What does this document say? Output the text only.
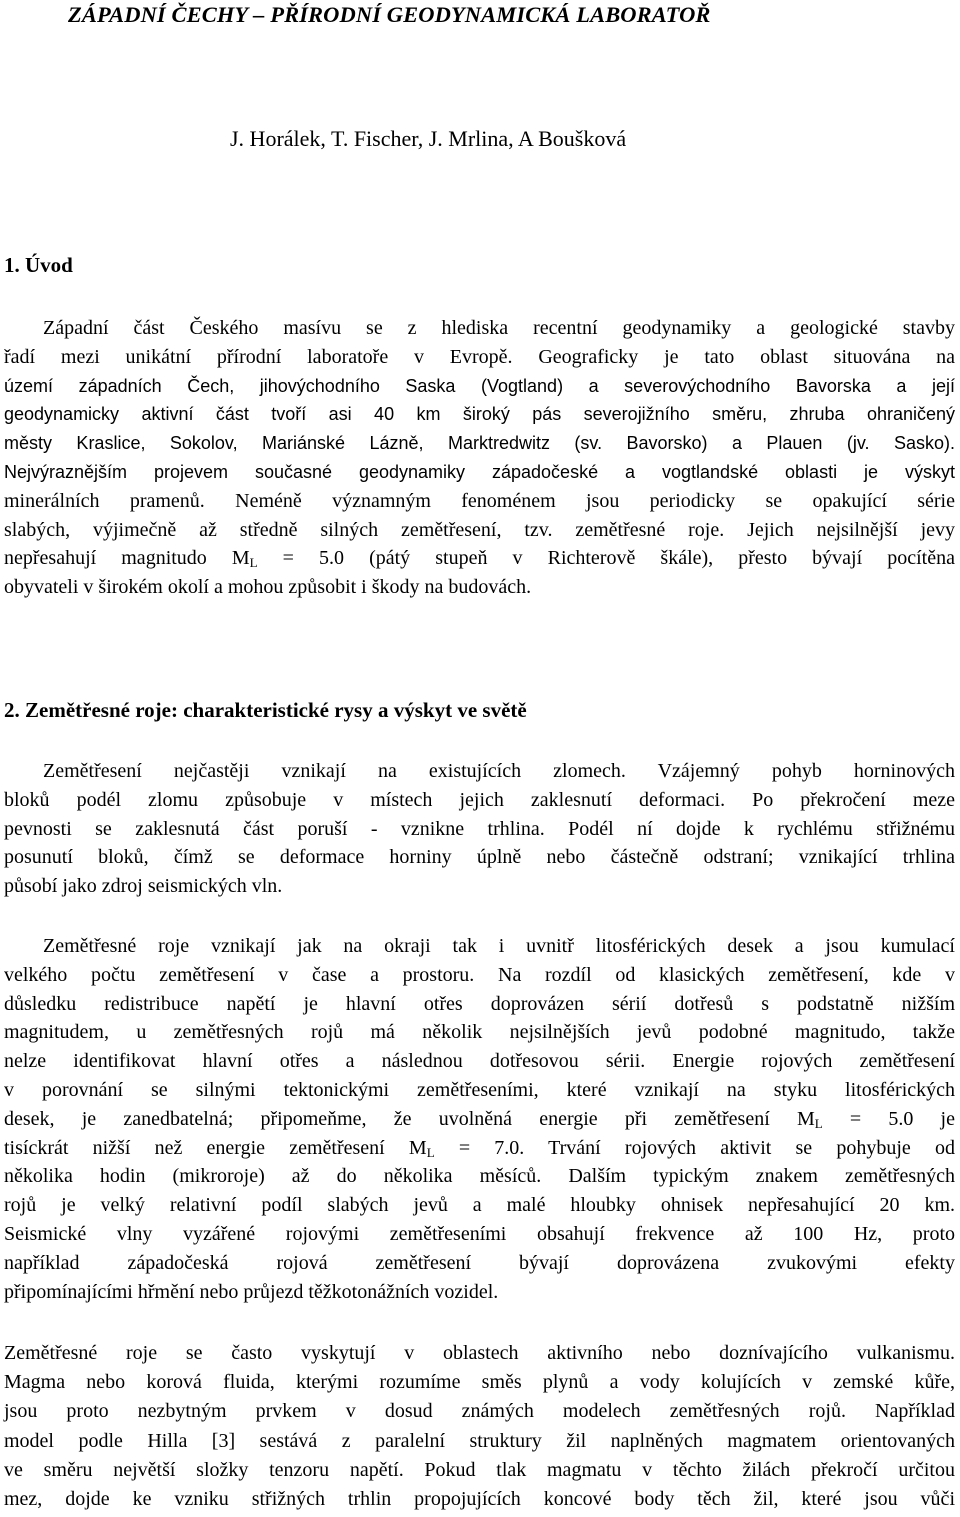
ZÁPADNÍ ČECHY – PŘÍRODNÍ GEODYNAMICKÁ LABORATOŘ
J. Horálek, T. Fischer, J. Mrlina, A Boušková
1. Úvod
Západní část Českého masívu se z hlediska recentní geodynamiky a geologické stavby
řadí mezi unikátní přírodní laboratoře v Evropě. Geograficky je tato oblast situována na
území západních Čech, jihovýchodního Saska (Vogtland) a severovýchodního Bavorska a její
geodynamicky aktivní část tvoří asi 40 km široký pás severojižního směru, zhruba ohraničený
městy Kraslice, Sokolov, Mariánské Lázně, Marktredwitz (sv. Bavorsko) a Plauen (jv. Sasko).
Nejvýraznějším projevem současné geodynamiky západočeské a vogtlandské oblasti je výskyt
minerálních pramenů. Neméně významným fenoménem jsou periodicky se opakující série
slabých, výjimečně až středně silných zemětřesení, tzv. zemětřesné roje. Jejich nejsilnější jevy
nepřesahují magnitudo $M_L = 5.0$ (pátý stupeň v Richterově škále), přesto bývají pocítěna
obyvateli v širokém okolí a mohou způsobit i škody na budovách.
2. Zemětřesné roje: charakteristické rysy a výskyt ve světě
Zemětřesení nejčastěji vznikají na existujících zlomech. Vzájemný pohyb horninových
bloků podél zlomu způsobuje v místech jejich zaklesnutí deformaci. Po překročení meze
pevnosti se zaklesnutá část poruší - vznikne trhlina. Podél ní dojde k rychlému střižnému
posunutí bloků, čímž se deformace horniny úplně nebo částečně odstraní; vznikající trhlina
působí jako zdroj seismických vln.
Zemětřesné roje vznikají jak na okraji tak i uvnitř litosférických desek a jsou kumulací
velkého počtu zemětřesení v čase a prostoru. Na rozdíl od klasických zemětřesení, kde v
důsledku redistribuce napětí je hlavní otřes doprovázen sérií dotřesů s podstatně nižším
magnitudem, u zemětřesných rojů má několik nejsilnějších jevů podobné magnitudo, takže
nelze identifikovat hlavní otřes a následnou dotřesovou sérii. Energie rojových zemětřesení
v porovnání se silnými tektonickými zemětřeseními, které vznikají na styku litosférických
desek, je zanedbatelná; připomeňme, že uvolněná energie při zemětřesení $M_L = 5.0$ je
tisíckrát nižší než energie zemětřesení $M_L = 7.0$. Trvání rojových aktivit se pohybuje od
několika hodin (mikroroje) až do několika měsíců. Dalším typickým znakem zemětřesných
rojů je velký relativní podíl slabých jevů a malé hloubky ohnisek nepřesahující 20 km.
Seismické vlny vyzářené rojovými zemětřeseními obsahují frekvence až 100 Hz, proto
například západočeská rojová zemětřesení bývají doprovázena zvukovými efekty
připomínajícími hřmění nebo průjezd těžkotonážních vozidel.
Zemětřesné roje se často vyskytují v oblastech aktivního nebo doznívajícího vulkanismu.
Magma nebo korová fluida, kterými rozumíme směs plynů a vody kolujících v zemské kůře,
jsou proto nezbytným prvkem v dosud známých modelech zemětřesných rojů. Například
model podle Hilla [3] sestává z paralelní struktury žil naplněných magmatem orientovaných
ve směru největší složky tenzoru napětí. Pokud tlak magmatu v těchto žilách překročí určitou
mez, dojde ke vzniku střižných trhlin propojujících koncové body těch žil, které jsou vůči
